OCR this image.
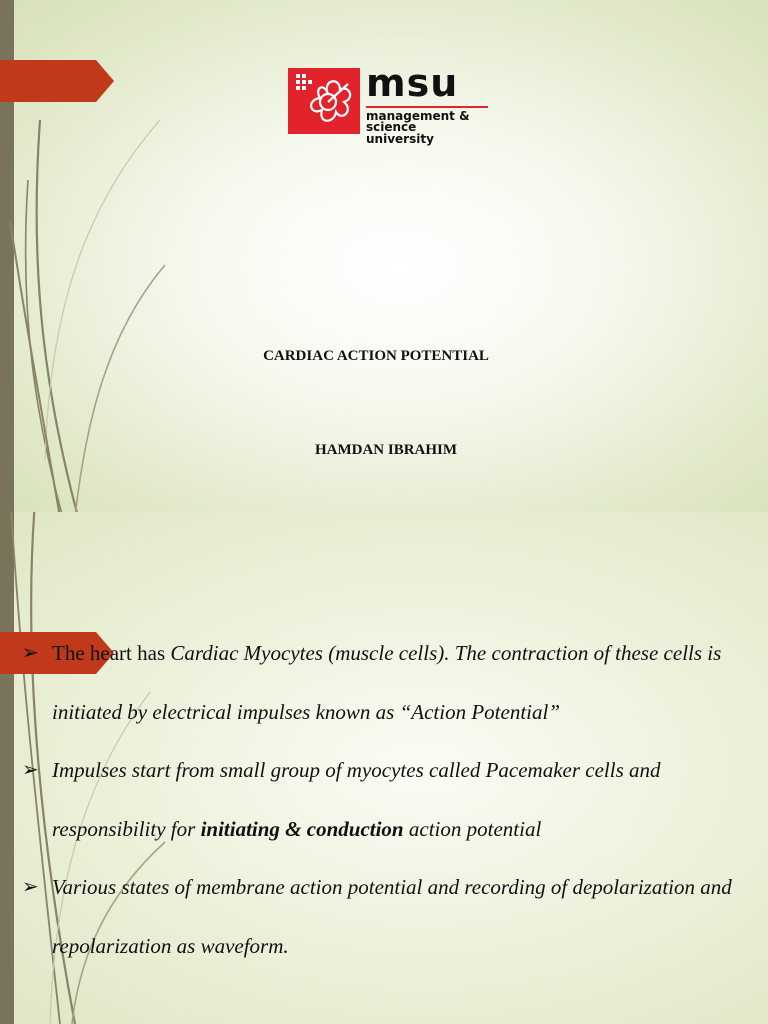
msu
management &
science university
CARDIAC ACTION POTENTIAL
HAMDAN IBRAHIM
➢ The heart has Cardiac Myocytes (muscle cells). The contraction of these cells is initiated by electrical impulses known as “Action Potential”
➢ Impulses start from small group of myocytes called Pacemaker cells and responsibility for initiating & conduction action potential
➢ Various states of membrane action potential and recording of depolarization and repolarization as waveform.
